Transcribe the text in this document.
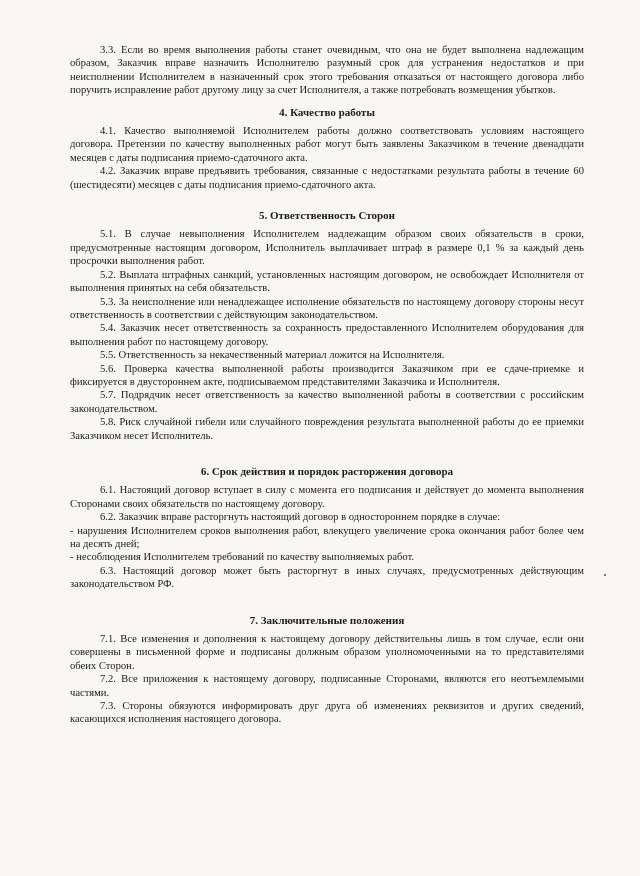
3.3. Если во время выполнения работы станет очевидным, что она не будет выполнена надлежащим образом, Заказчик вправе назначить Исполнителю разумный срок для устранения недостатков и при неисполнении Исполнителем в назначенный срок этого требования отказаться от настоящего договора либо поручить исправление работ другому лицу за счет Исполнителя, а также потребовать возмещения убытков.

4. Качество работы

4.1. Качество выполняемой Исполнителем работы должно соответствовать условиям настоящего договора. Претензии по качеству выполненных работ могут быть заявлены Заказчиком в течение двенадцати месяцев с даты подписания приемо-сдаточного акта.

4.2. Заказчик вправе предъявить требования, связанные с недостатками результата работы в течение 60 (шестидесяти) месяцев с даты подписания приемо-сдаточного акта.

5. Ответственность Сторон

5.1. В случае невыполнения Исполнителем надлежащим образом своих обязательств в сроки, предусмотренные настоящим договором, Исполнитель выплачивает штраф в размере 0,1 % за каждый день просрочки выполнения работ.

5.2. Выплата штрафных санкций, установленных настоящим договором, не освобождает Исполнителя от выполнения принятых на себя обязательств.

5.3. За неисполнение или ненадлежащее исполнение обязательств по настоящему договору стороны несут ответственность в соответствии с действующим законодательством.

5.4. Заказчик несет ответственность за сохранность предоставленного Исполнителем оборудования для выполнения работ по настоящему договору.

5.5. Ответственность за некачественный материал ложится на Исполнителя.

5.6. Проверка качества выполненной работы производится Заказчиком при ее сдаче-приемке и фиксируется в двустороннем акте, подписываемом представителями Заказчика и Исполнителя.

5.7. Подрядчик несет ответственность за качество выполненной работы в соответствии с российским законодательством.

5.8. Риск случайной гибели или случайного повреждения результата выполненной работы до ее приемки Заказчиком несет Исполнитель.

6. Срок действия и порядок расторжения договора

6.1. Настоящий договор вступает в силу с момента его подписания и действует до момента выполнения Сторонами своих обязательств по настоящему договору.

6.2. Заказчик вправе расторгнуть настоящий договор в одностороннем порядке в случае:

- нарушения Исполнителем сроков выполнения работ, влекущего увеличение срока окончания работ более чем на десять дней;

- несоблюдения Исполнителем требований по качеству выполняемых работ.

6.3. Настоящий договор может быть расторгнут в иных случаях, предусмотренных действующим законодательством РФ.

7. Заключительные положения

7.1. Все изменения и дополнения к настоящему договору действительны лишь в том случае, если они совершены в письменной форме и подписаны должным образом уполномоченными на то представителями обеих Сторон.

7.2. Все приложения к настоящему договору, подписанные Сторонами, являются его неотъемлемыми частями.

7.3. Стороны обязуются информировать друг друга об изменениях реквизитов и других сведений, касающихся исполнения настоящего договора.
